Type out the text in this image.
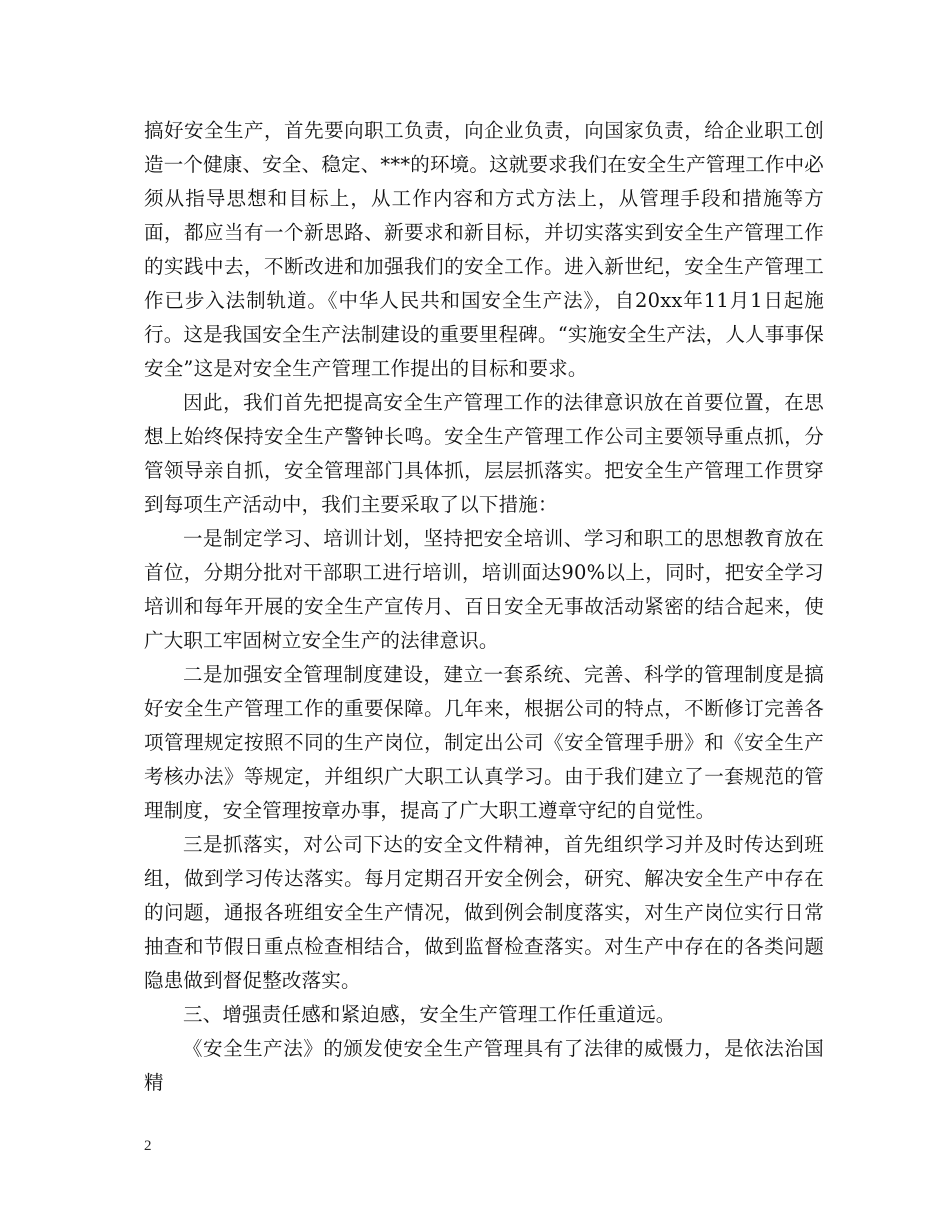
搞好安全生产，首先要向职工负责，向企业负责，向国家负责，给企业职工创造一个健康、安全、稳定、***的环境。这就要求我们在安全生产管理工作中必须从指导思想和目标上，从工作内容和方式方法上，从管理手段和措施等方面，都应当有一个新思路、新要求和新目标，并切实落实到安全生产管理工作的实践中去，不断改进和加强我们的安全工作。进入新世纪，安全生产管理工作已步入法制轨道。《中华人民共和国安全生产法》，自20xx年11月1日起施行。这是我国安全生产法制建设的重要里程碑。“实施安全生产法，人人事事保安全”这是对安全生产管理工作提出的目标和要求。

因此，我们首先把提高安全生产管理工作的法律意识放在首要位置，在思想上始终保持安全生产警钟长鸣。安全生产管理工作公司主要领导重点抓，分管领导亲自抓，安全管理部门具体抓，层层抓落实。把安全生产管理工作贯穿到每项生产活动中，我们主要采取了以下措施：

一是制定学习、培训计划，坚持把安全培训、学习和职工的思想教育放在首位，分期分批对干部职工进行培训，培训面达90%以上，同时，把安全学习培训和每年开展的安全生产宣传月、百日安全无事故活动紧密的结合起来，使广大职工牢固树立安全生产的法律意识。

二是加强安全管理制度建设，建立一套系统、完善、科学的管理制度是搞好安全生产管理工作的重要保障。几年来，根据公司的特点，不断修订完善各项管理规定按照不同的生产岗位，制定出公司《安全管理手册》和《安全生产考核办法》等规定，并组织广大职工认真学习。由于我们建立了一套规范的管理制度，安全管理按章办事，提高了广大职工遵章守纪的自觉性。

三是抓落实，对公司下达的安全文件精神，首先组织学习并及时传达到班组，做到学习传达落实。每月定期召开安全例会，研究、解决安全生产中存在的问题，通报各班组安全生产情况，做到例会制度落实，对生产岗位实行日常抽查和节假日重点检查相结合，做到监督检查落实。对生产中存在的各类问题隐患做到督促整改落实。

三、增强责任感和紧迫感，安全生产管理工作任重道远。

《安全生产法》的颁发使安全生产管理具有了法律的威慑力，是依法治国精

2
